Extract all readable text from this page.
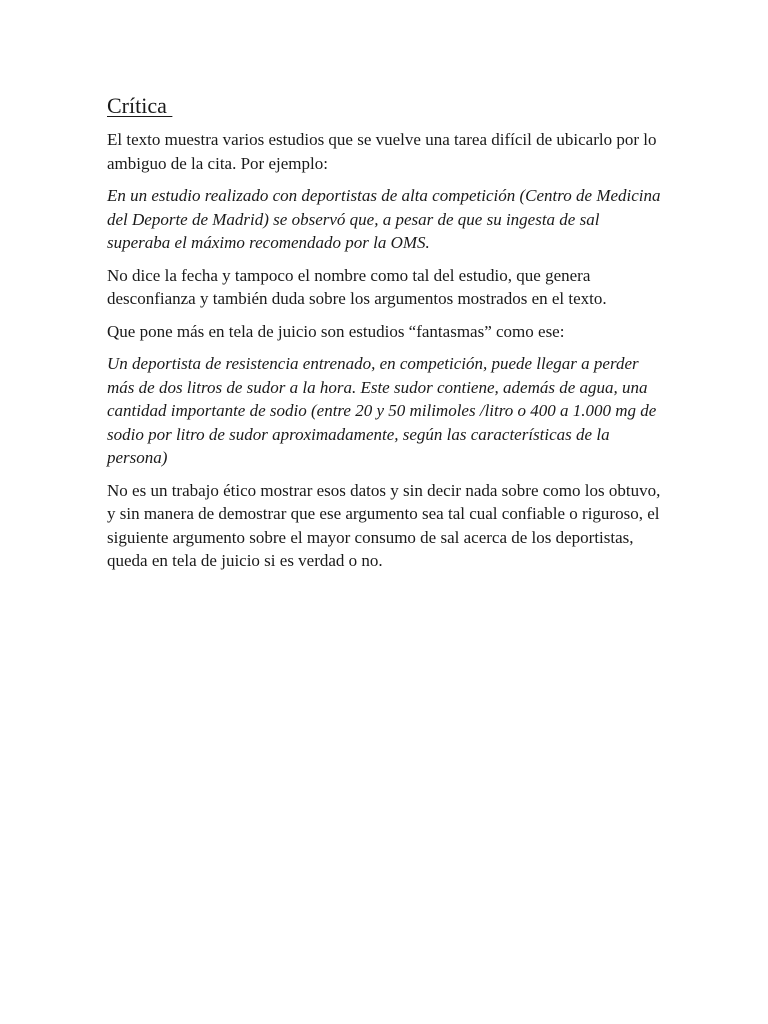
Crítica

El texto muestra varios estudios que se vuelve una tarea difícil de ubicarlo por lo ambiguo de la cita. Por ejemplo:

En un estudio realizado con deportistas de alta competición (Centro de Medicina del Deporte de Madrid) se observó que, a pesar de que su ingesta de sal superaba el máximo recomendado por la OMS.

No dice la fecha y tampoco el nombre como tal del estudio, que genera desconfianza y también duda sobre los argumentos mostrados en el texto.

Que pone más en tela de juicio son estudios “fantasmas” como ese:

Un deportista de resistencia entrenado, en competición, puede llegar a perder más de dos litros de sudor a la hora. Este sudor contiene, además de agua, una cantidad importante de sodio (entre 20 y 50 milimoles /litro o 400 a 1.000 mg de sodio por litro de sudor aproximadamente, según las características de la persona)

No es un trabajo ético mostrar esos datos y sin decir nada sobre como los obtuvo, y sin manera de demostrar que ese argumento sea tal cual confiable o riguroso, el siguiente argumento sobre el mayor consumo de sal acerca de los deportistas, queda en tela de juicio si es verdad o no.
